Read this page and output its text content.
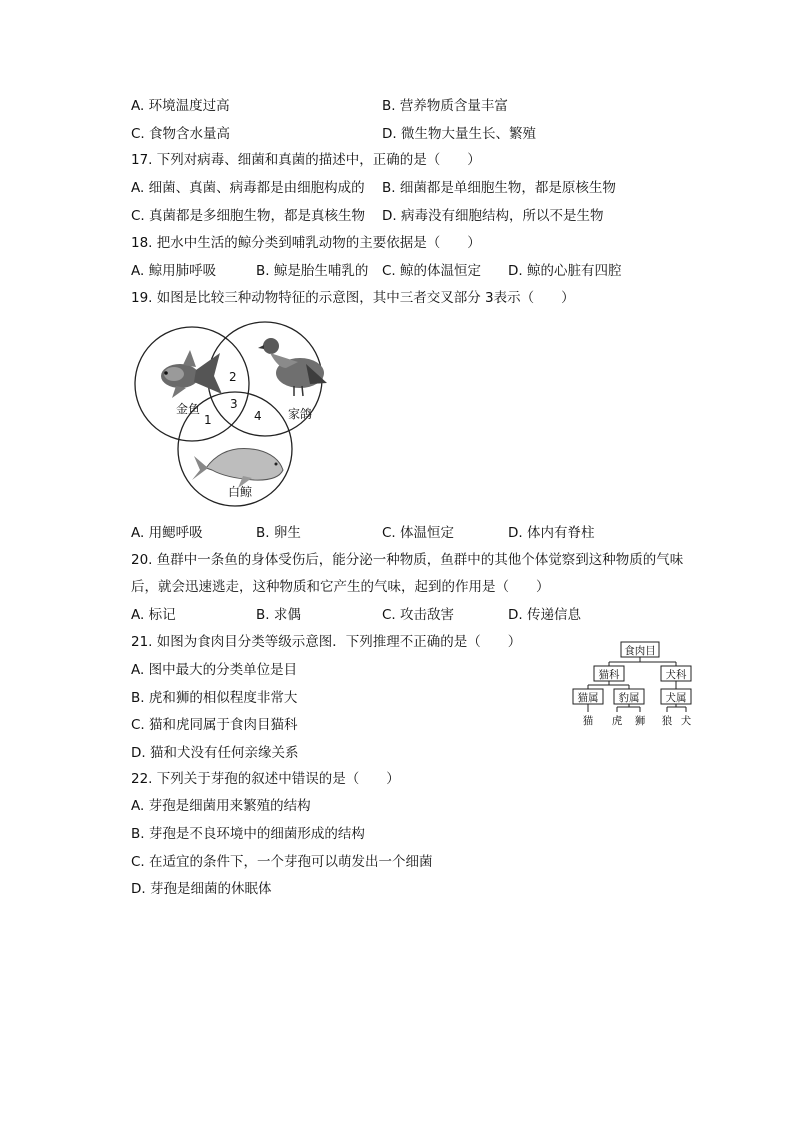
A. 环境温度过高	B. 营养物质含量丰富
C. 食物含水量高	D. 微生物大量生长、繁殖
17. 下列对病毒、细菌和真菌的描述中，正确的是（　　）
A. 细菌、真菌、病毒都是由细胞构成的 B. 细菌都是单细胞生物，都是原核生物
C. 真菌都是多细胞生物，都是真核生物 D. 病毒没有细胞结构，所以不是生物
18. 把水中生活的鲸分类到哺乳动物的主要依据是（　　）
A. 鲸用肺呼吸	B. 鲸是胎生哺乳的 C. 鲸的体温恒定 D. 鲸的心脏有四腔
19. 如图是比较三种动物特征的示意图，其中三者交叉部分 3表示（　　）
金鱼	家鸽
白鲸
2
3
1	4
A. 用鳃呼吸	B. 卵生	C. 体温恒定	D. 体内有脊柱
20. 鱼群中一条鱼的身体受伤后，能分泌一种物质，鱼群中的其他个体觉察到这种物质的气味
后，就会迅速逃走，这种物质和它产生的气味，起到的作用是（　　）
A. 标记	B. 求偶	C. 攻击敌害	D. 传递信息
21. 如图为食肉目分类等级示意图．下列推理不正确的是（　　）
A. 图中最大的分类单位是目
B. 虎和狮的相似程度非常大
C. 猫和虎同属于食肉目猫科
D. 猫和犬没有任何亲缘关系
食肉目
猫科	犬科
猫属 豹属 犬属
猫 虎 狮 狼 犬
22. 下列关于芽孢的叙述中错误的是（　　）
A. 芽孢是细菌用来繁殖的结构
B. 芽孢是不良环境中的细菌形成的结构
C. 在适宜的条件下，一个芽孢可以萌发出一个细菌
D. 芽孢是细菌的休眠体
